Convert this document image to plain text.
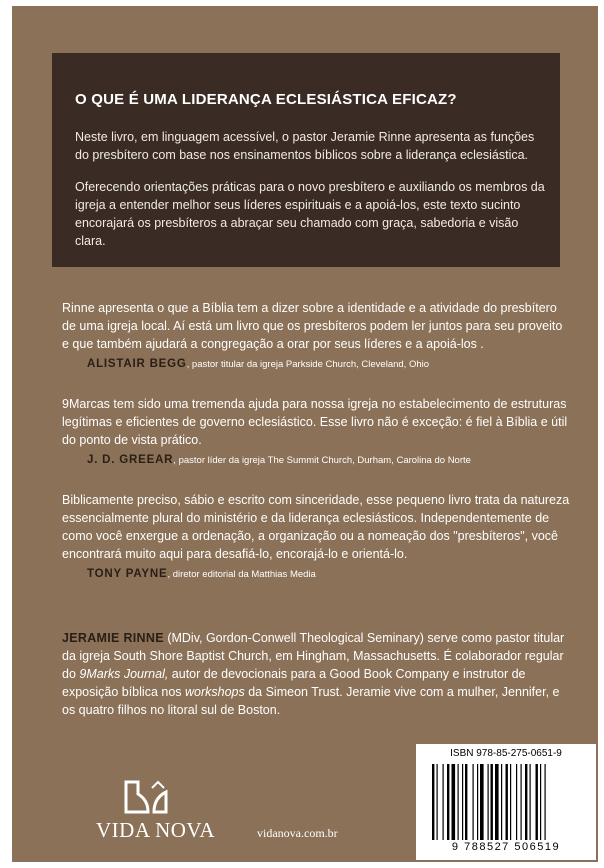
O QUE É UMA LIDERANÇA ECLESIÁSTICA EFICAZ?
Neste livro, em linguagem acessível, o pastor Jeramie Rinne apresenta as funções do presbítero com base nos ensinamentos bíblicos sobre a liderança eclesiástica.
Oferecendo orientações práticas para o novo presbítero e auxiliando os membros da igreja a entender melhor seus líderes espirituais e a apoiá-los, este texto sucinto encorajará os presbíteros a abraçar seu chamado com graça, sabedoria e visão clara.
Rinne apresenta o que a Bíblia tem a dizer sobre a identidade e a atividade do presbítero de uma igreja local. Aí está um livro que os presbíteros podem ler juntos para seu proveito e que também ajudará a congregação a orar por seus líderes e a apoiá-los .
ALISTAIR BEGG, pastor titular da igreja Parkside Church, Cleveland, Ohio
9Marcas tem sido uma tremenda ajuda para nossa igreja no estabelecimento de estruturas legítimas e eficientes de governo eclesiástico. Esse livro não é exceção: é fiel à Bíblia e útil do ponto de vista prático.
J. D. GREEAR, pastor líder da igreja The Summit Church, Durham, Carolina do Norte
Biblicamente preciso, sábio e escrito com sinceridade, esse pequeno livro trata da natureza essencialmente plural do ministério e da liderança eclesiásticos. Independentemente de como você enxergue a ordenação, a organização ou a nomeação dos "presbíteros", você encontrará muito aqui para desafiá-lo, encorajá-lo e orientá-lo.
TONY PAYNE, diretor editorial da Matthias Media
JERAMIE RINNE (MDiv, Gordon-Conwell Theological Seminary) serve como pastor titular da igreja South Shore Baptist Church, em Hingham, Massachusetts. É colaborador regular do 9Marks Journal, autor de devocionais para a Good Book Company e instrutor de exposição bíblica nos workshops da Simeon Trust. Jeramie vive com a mulher, Jennifer, e os quatro filhos no litoral sul de Boston.
VIDA NOVA	vidanova.com.br
ISBN 978-85-275-0651-9
9 788527 506519
